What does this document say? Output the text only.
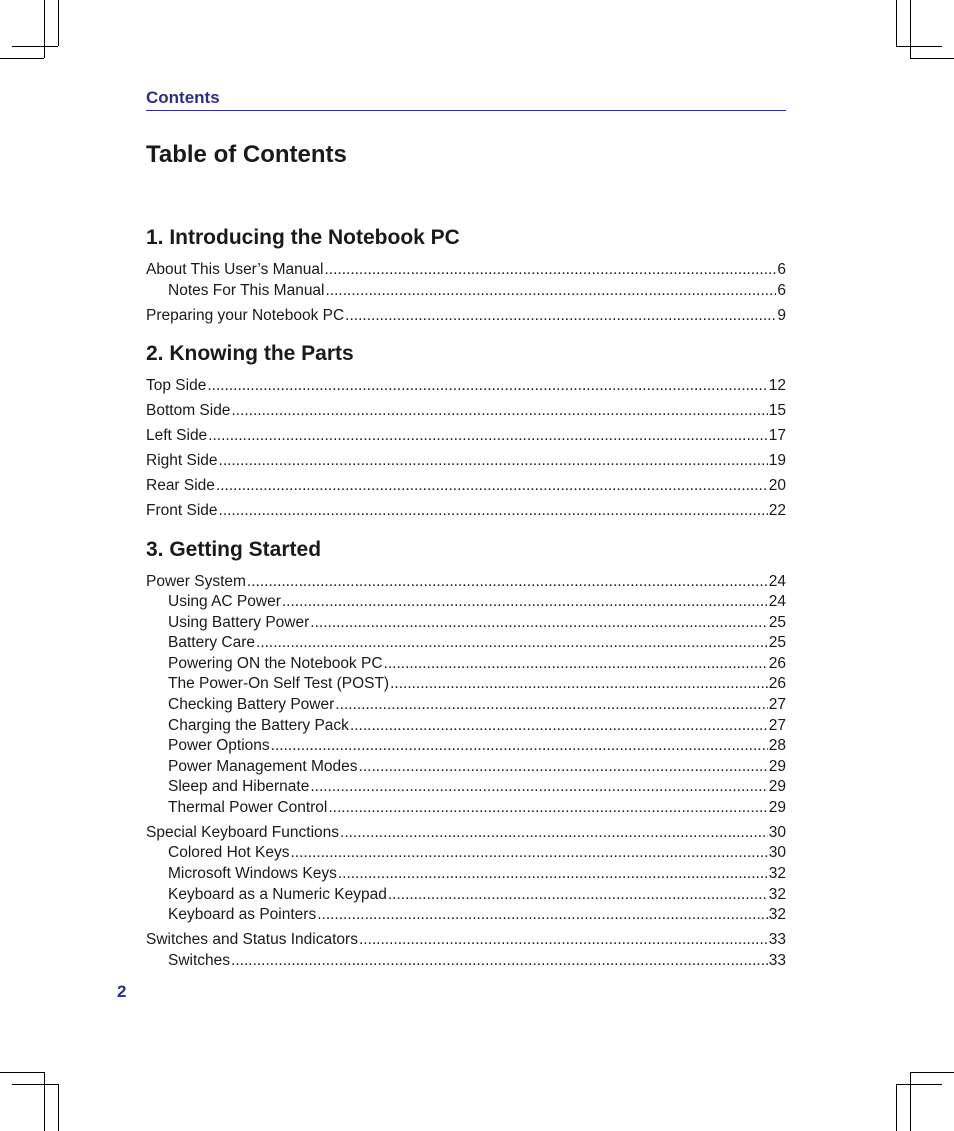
Contents
Table of Contents
1. Introducing the Notebook PC
About This User’s Manual .....	6
Notes For This Manual .....	6
Preparing your Notebook PC .....	9
2. Knowing the Parts
Top Side .....	12
Bottom Side .....	15
Left Side .....	17
Right Side .....	19
Rear Side .....	20
Front Side .....	22
3. Getting Started
Power System .....	24
Using AC Power .....	24
Using Battery Power .....	25
Battery Care .....	25
Powering ON the Notebook PC .....	26
The Power-On Self Test (POST) .....	26
Checking Battery Power .....	27
Charging the Battery Pack .....	27
Power Options .....	28
Power Management Modes .....	29
Sleep and Hibernate .....	29
Thermal Power Control .....	29
Special Keyboard Functions .....	30
Colored Hot Keys .....	30
Microsoft Windows Keys .....	32
Keyboard as a Numeric Keypad .....	32
Keyboard as Pointers .....	32
Switches and Status Indicators .....	33
Switches .....	33
2
